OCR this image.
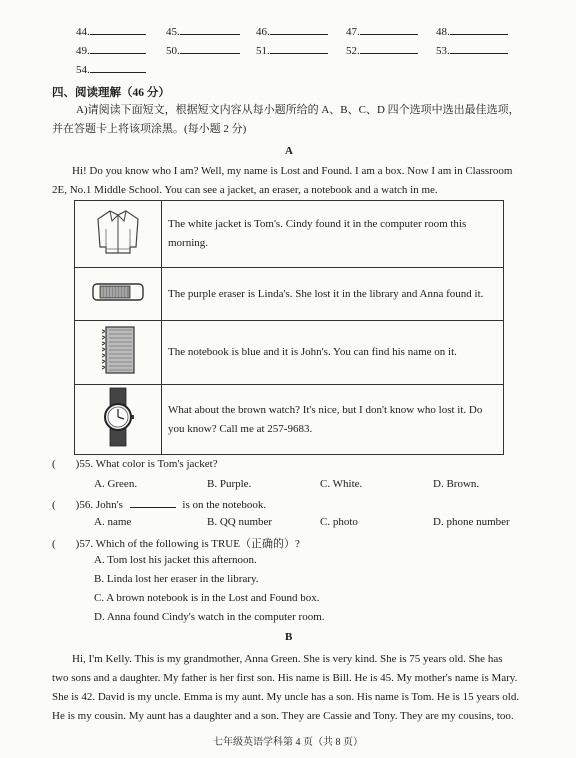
44.	45.	46.	47.	48.
49.	50.	51.	52.	53.
54.
四、阅读理解（46 分）
A)请阅读下面短文，根据短文内容从每小题所给的 A、B、C、D 四个选项中选出最佳选项，
并在答题卡上将该项涂黑。(每小题 2 分)
A
Hi! Do you know who I am? Well, my name is Lost and Found. I am a box. Now I am in Classroom
2E, No.1 Middle School. You can see a jacket, an eraser, a notebook and a watch in me.

The white jacket is Tom's. Cindy found it in the computer room this
morning.

The purple eraser is Linda's. She lost it in the library and Anna found it.

The notebook is blue and it is John's. You can find his name on it.

What about the brown watch? It's nice, but I don't know who lost it. Do
you know? Call me at 257-9683.
( )55. What color is Tom's jacket?
A. Green.	B. Purple.	C. White.	D. Brown.
( )56. John's	is on the notebook.
A. name	B. QQ number	C. photo	D. phone number
( )57. Which of the following is TRUE（正确的）?
A. Tom lost his jacket this afternoon.
B. Linda lost her eraser in the library.
C. A brown notebook is in the Lost and Found box.
D. Anna found Cindy's watch in the computer room.
B
Hi, I'm Kelly. This is my grandmother, Anna Green. She is very kind. She is 75 years old. She has
two sons and a daughter. My father is her first son. His name is Bill. He is 45. My mother's name is Mary.
She is 42. David is my uncle. Emma is my aunt. My uncle has a son. His name is Tom. He is 15 years old.
He is my cousin. My aunt has a daughter and a son. They are Cassie and Tony. They are my cousins, too.
七年级英语学科第 4 页（共 8 页）
